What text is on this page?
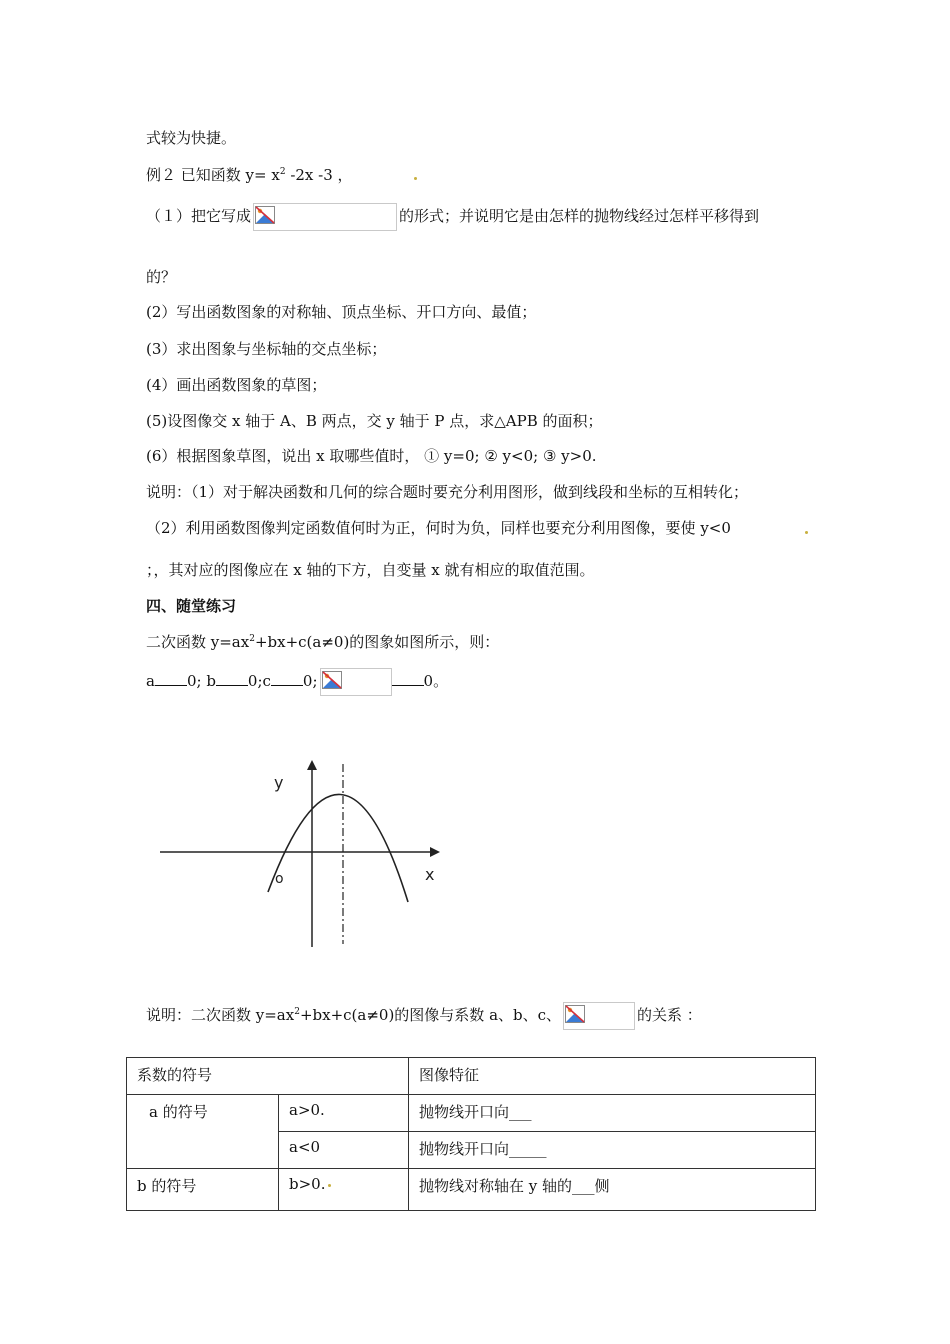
式较为快捷。
例２ 已知函数 $y= x^2$ -2x -3 ，
（１）把它写成	的形式；并说明它是由怎样的抛物线经过怎样平移得到
的？
(2）写出函数图象的对称轴、顶点坐标、开口方向、最值；
(3）求出图象与坐标轴的交点坐标；
(4）画出函数图象的草图；
(5)设图像交 x 轴于 A、B 两点，交 y 轴于 P 点，求△APB 的面积；
(6）根据图象草图，说出 x 取哪些值时， ① y=0; ② y<0; ③ y>0.
说明：（1）对于解决函数和几何的综合题时要充分利用图形，做到线段和坐标的互相转化；
（2）利用函数图像判定函数值何时为正，何时为负，同样也要充分利用图像，要使 y<0
；，其对应的图像应在 x 轴的下方，自变量 x 就有相应的取值范围。
四、随堂练习
二次函数 $y=ax^2+bx+c(a\ne 0)$的图象如图所示，则：
a 0; b 0;c 0;	0。
y
x
o
说明：二次函数 $y=ax^2+bx+c(a\ne 0)$的图像与系数 a、b、c、	的关系 ：
系数的符号		图像特征
a 的符号	a>0.	抛物线开口向___
	a<0	抛物线开口向_____
b 的符号	b>0.	抛物线对称轴在 y 轴的___侧
